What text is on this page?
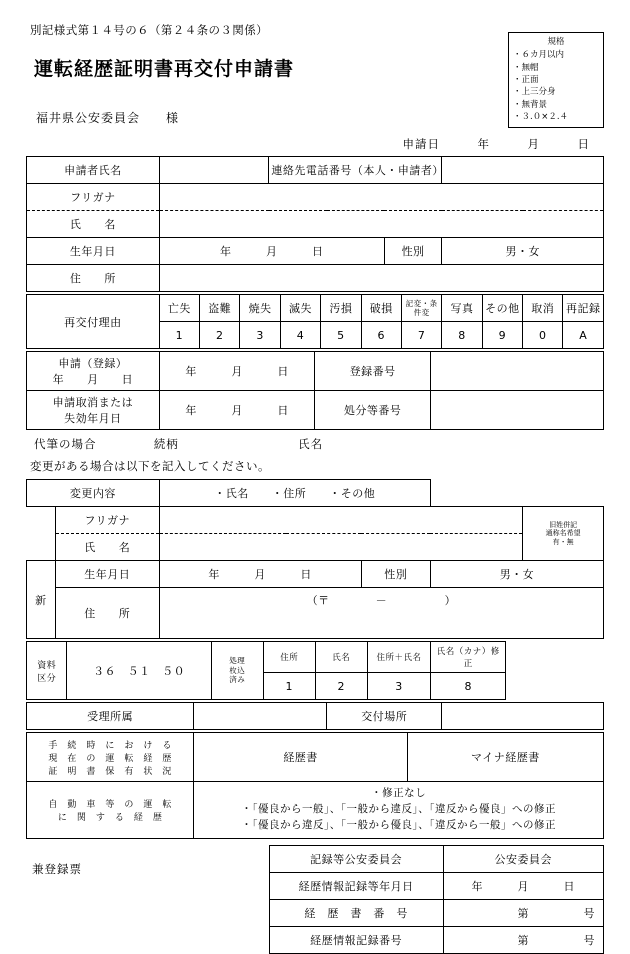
別記様式第１４号の６（第２４条の３関係）
運転経歴証明書再交付申請書
規格
・ ６カ月以内
・ 無帽
・ 正面
・ 上三分身
・ 無背景
・ ３.０×２.４
福井県公安委員会　　様
申請日　　　年　　　月　　　日
申請者氏名		連絡先電話番号（本人・申請者）		
フリガナ				
氏　　名				
生年月日	年　　　月　　　日		性別	男・女
住　　所				
再交付理由	亡失	盗難	焼失	滅失	汚損	破損	記変・条件変	写真	その他	取消	再記録
	1	2	3	4	5	6	7	8	9	0	A
申請（登録）
年　　月　　日	年　　　月　　　日	登録番号	

申請取消または
失効年月日	年　　　月　　　日	処分等番号	
代筆の場合	続柄	氏名
変更がある場合は以下を記入してください。
変更内容		・氏名　　・住所　　・その他			
	フリガナ				旧姓併記
通称名希望
有・無

	氏　　名				
新	生年月日	年　　　月　　　日	性別	男・女	
	住　　所	（〒　　　　－　　　　　）			
資料
区分
	３６　５１　５０	
処理
枚込
済み
	住所	氏名	住所＋氏名	氏名（カナ）修正	
			1	2	3	8	
受理所属		交付場所	
手　続　時　に　お　け　る
現　在　の　運　転　経　歴
証　明　書　保　有　状　況	経歴書	マイナ経歴書

自　動　車　等　の　運　転
に　関　す　る　経　歴

・修正なし
・「優良から一般」、「一般から違反」、「違反から優良」への修正
・「優良から違反」、「一般から優良」、「違反から一般」への修正
記録等公安委員会	公安委員会
経歴情報記録等年月日	年　　　月　　　日
経　歴　書　番　号	第 号

経歴情報記録番号	第 号
兼登録票
